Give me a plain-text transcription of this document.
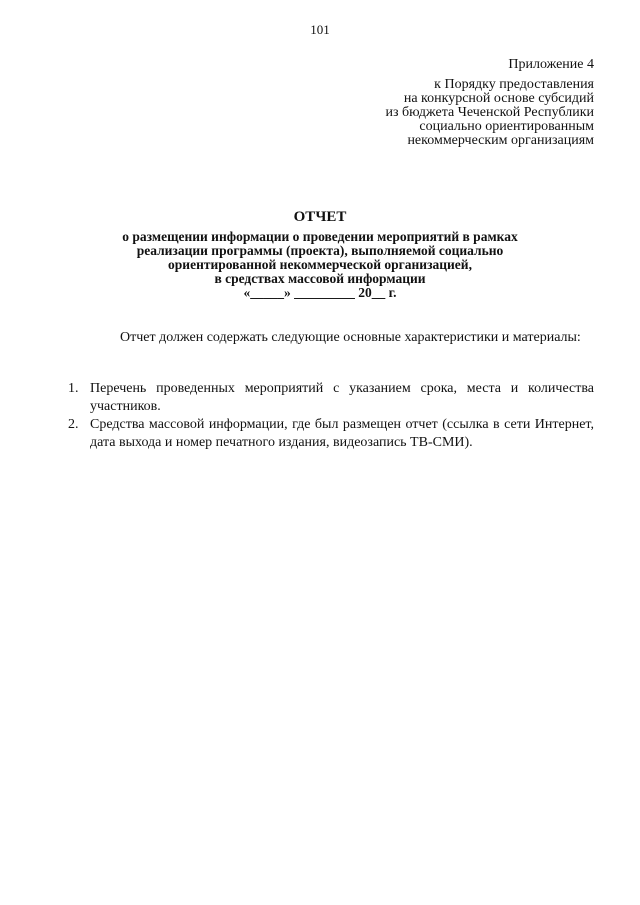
101
Приложение 4
к Порядку предоставления
на конкурсной основе субсидий
из бюджета Чеченской Республики
социально ориентированным
некоммерческим организациям
ОТЧЕТ
о размещении информации о проведении мероприятий в рамках
реализации программы (проекта), выполняемой социально
ориентированной некоммерческой организацией,
в средствах массовой информации
«_____» _________ 20__ г.
Отчет должен содержать следующие основные характеристики и материалы:
1. Перечень проведенных мероприятий с указанием срока, места и количества участников.
2. Средства массовой информации, где был размещен отчет (ссылка в сети Интернет, дата выхода и номер печатного издания, видеозапись ТВ-СМИ).
